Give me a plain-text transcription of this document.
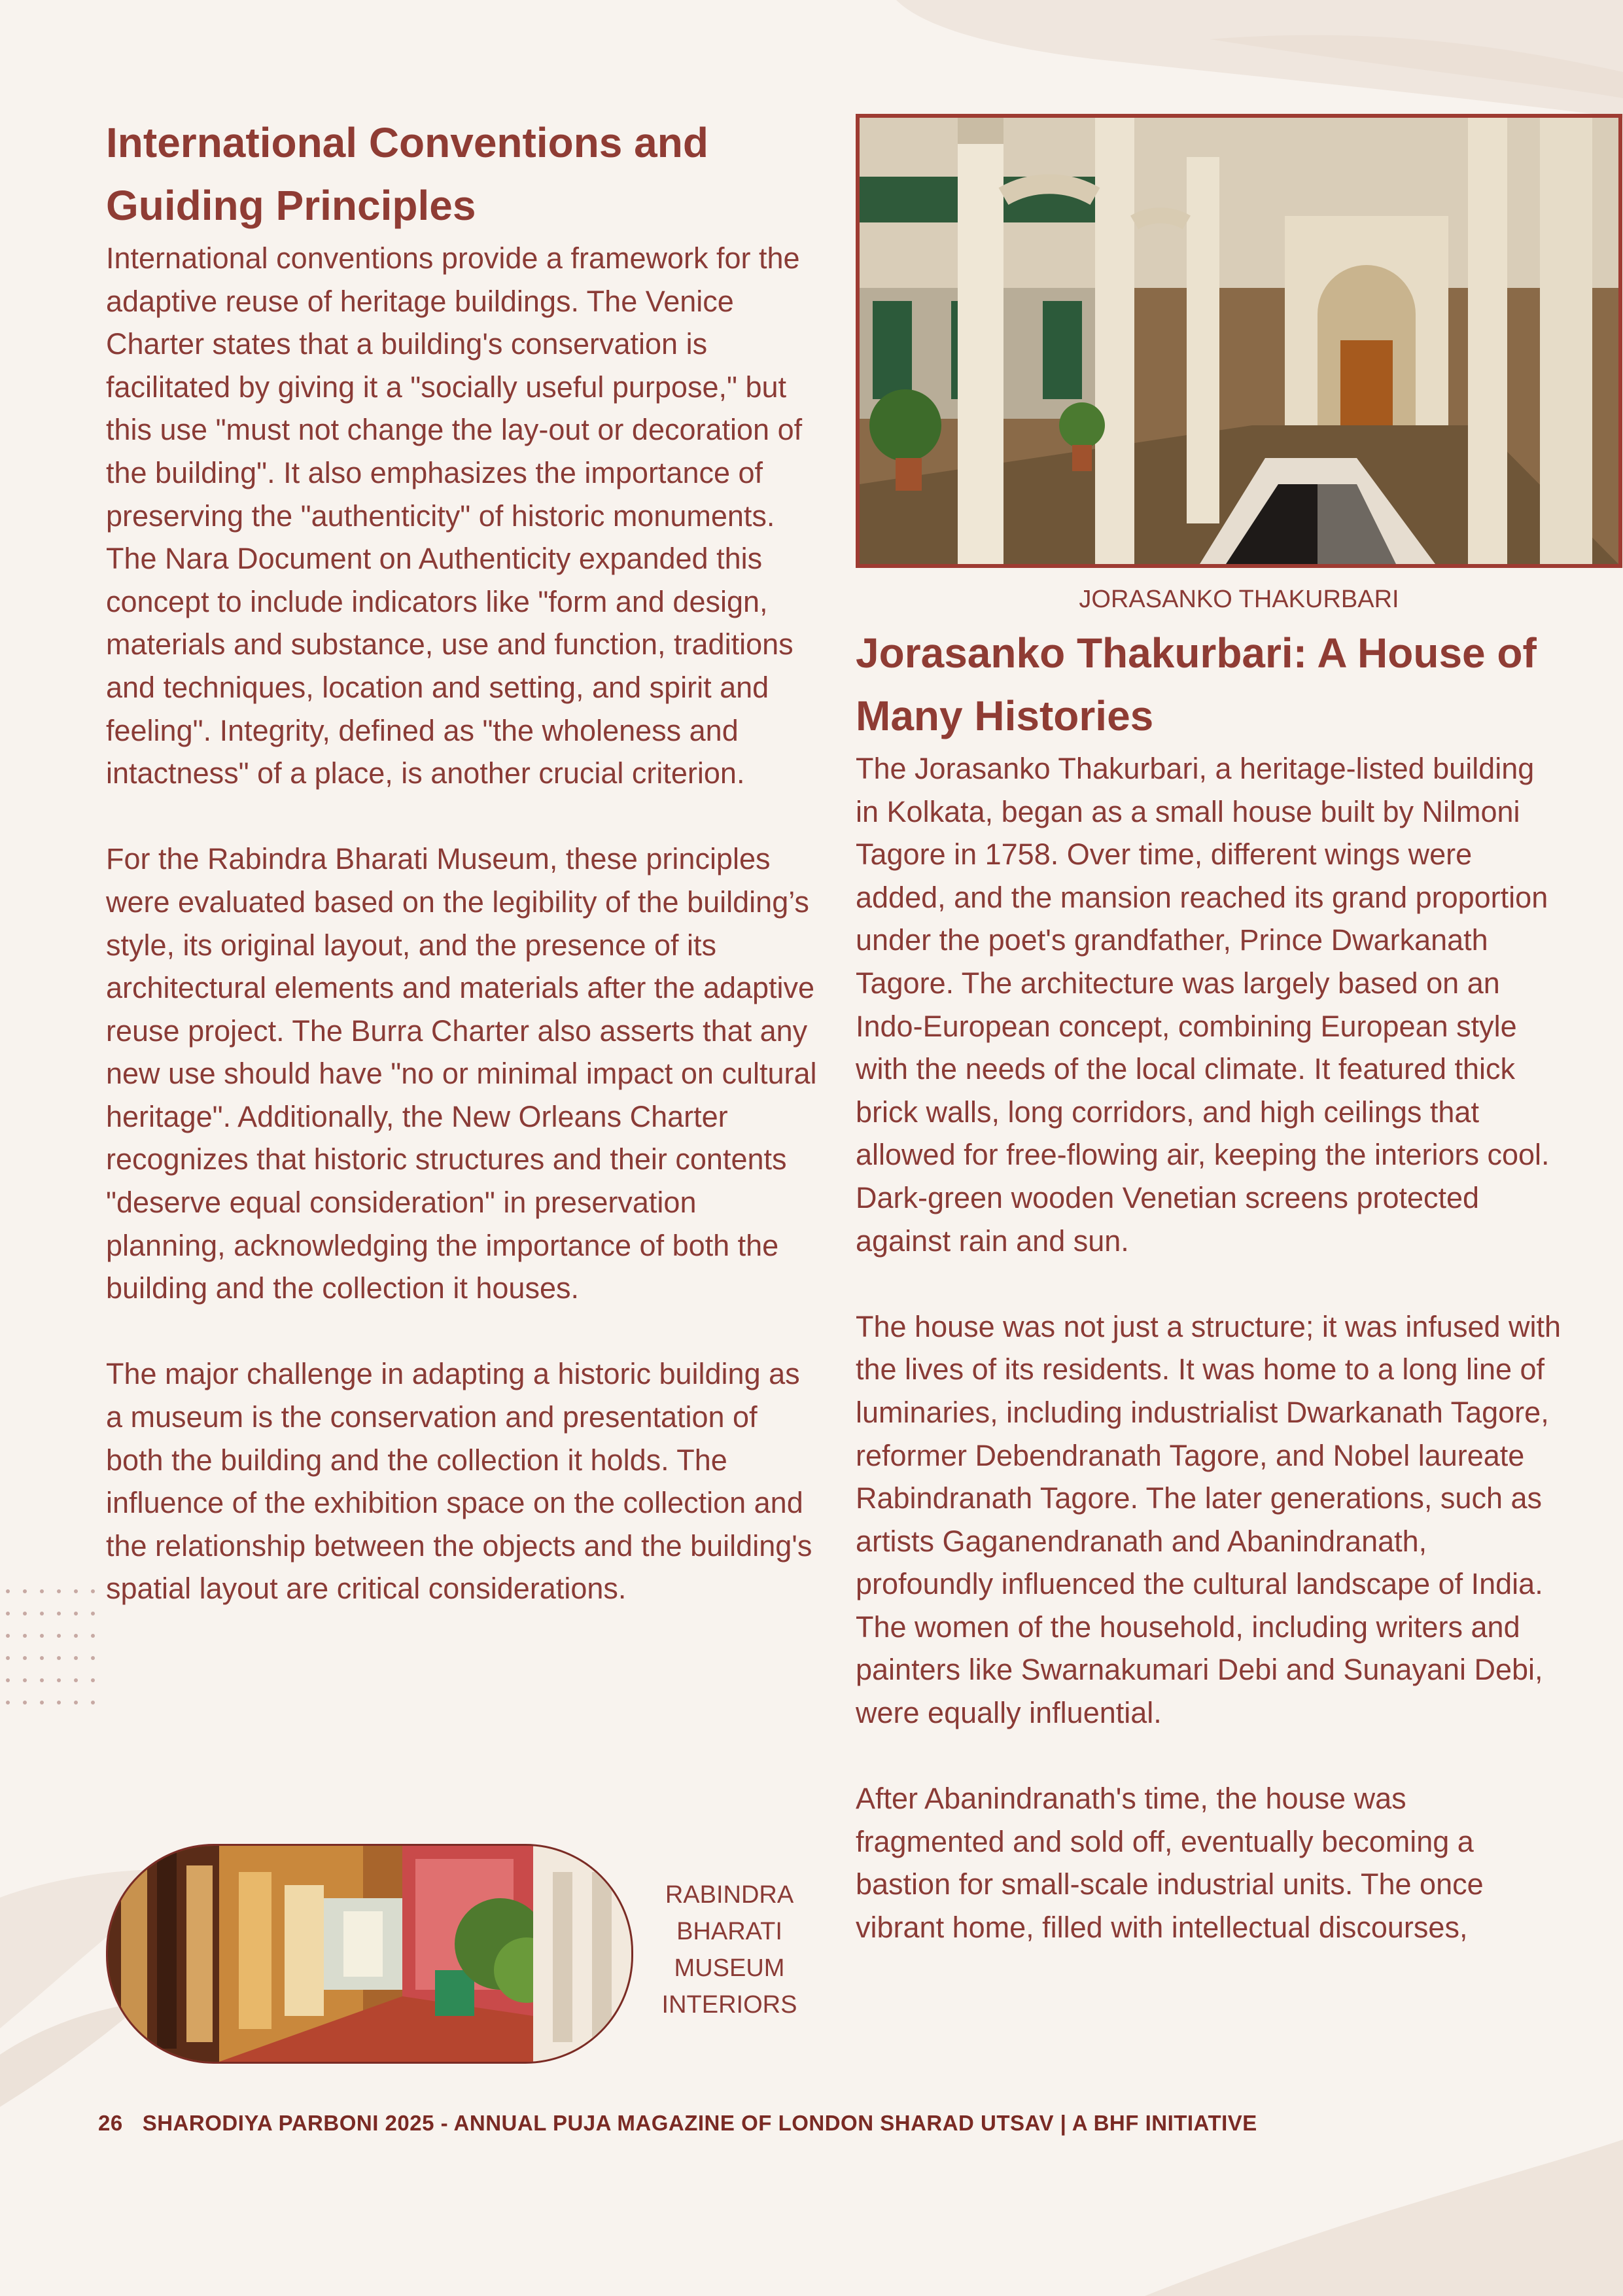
International Conventions and Guiding Principles

International conventions provide a framework for the adaptive reuse of heritage buildings. The Venice Charter states that a building's conservation is facilitated by giving it a "socially useful purpose," but this use "must not change the lay-out or decoration of the building". It also emphasizes the importance of preserving the "authenticity" of historic monuments. The Nara Document on Authenticity expanded this concept to include indicators like "form and design, materials and substance, use and function, traditions and techniques, location and setting, and spirit and feeling". Integrity, defined as "the wholeness and intactness" of a place, is another crucial criterion.

For the Rabindra Bharati Museum, these principles were evaluated based on the legibility of the building’s style, its original layout, and the presence of its architectural elements and materials after the adaptive reuse project. The Burra Charter also asserts that any new use should have "no or minimal impact on cultural heritage". Additionally, the New Orleans Charter recognizes that historic structures and their contents "deserve equal consideration" in preservation planning, acknowledging the importance of both the building and the collection it houses.

The major challenge in adapting a historic building as a museum is the conservation and presentation of both the building and the collection it holds. The influence of the exhibition space on the collection and the relationship between the objects and the building's spatial layout are critical considerations.

RABINDRA BHARATI MUSEUM INTERIORS
JORASANKO THAKURBARI
Jorasanko Thakurbari: A House of Many Histories

The Jorasanko Thakurbari, a heritage-listed building in Kolkata, began as a small house built by Nilmoni Tagore in 1758. Over time, different wings were added, and the mansion reached its grand proportion under the poet's grandfather, Prince Dwarkanath Tagore. The architecture was largely based on an Indo-European concept, combining European style with the needs of the local climate. It featured thick brick walls, long corridors, and high ceilings that allowed for free-flowing air, keeping the interiors cool. Dark-green wooden Venetian screens protected against rain and sun.

The house was not just a structure; it was infused with the lives of its residents. It was home to a long line of luminaries, including industrialist Dwarkanath Tagore, reformer Debendranath Tagore, and Nobel laureate Rabindranath Tagore. The later generations, such as artists Gaganendranath and Abanindranath, profoundly influenced the cultural landscape of India. The women of the household, including writers and painters like Swarnakumari Debi and Sunayani Debi, were equally influential.

After Abanindranath's time, the house was fragmented and sold off, eventually becoming a bastion for small-scale industrial units. The once vibrant home, filled with intellectual discourses,

26 SHARODIYA PARBONI 2025 - ANNUAL PUJA MAGAZINE OF LONDON SHARAD UTSAV | A BHF INITIATIVE
